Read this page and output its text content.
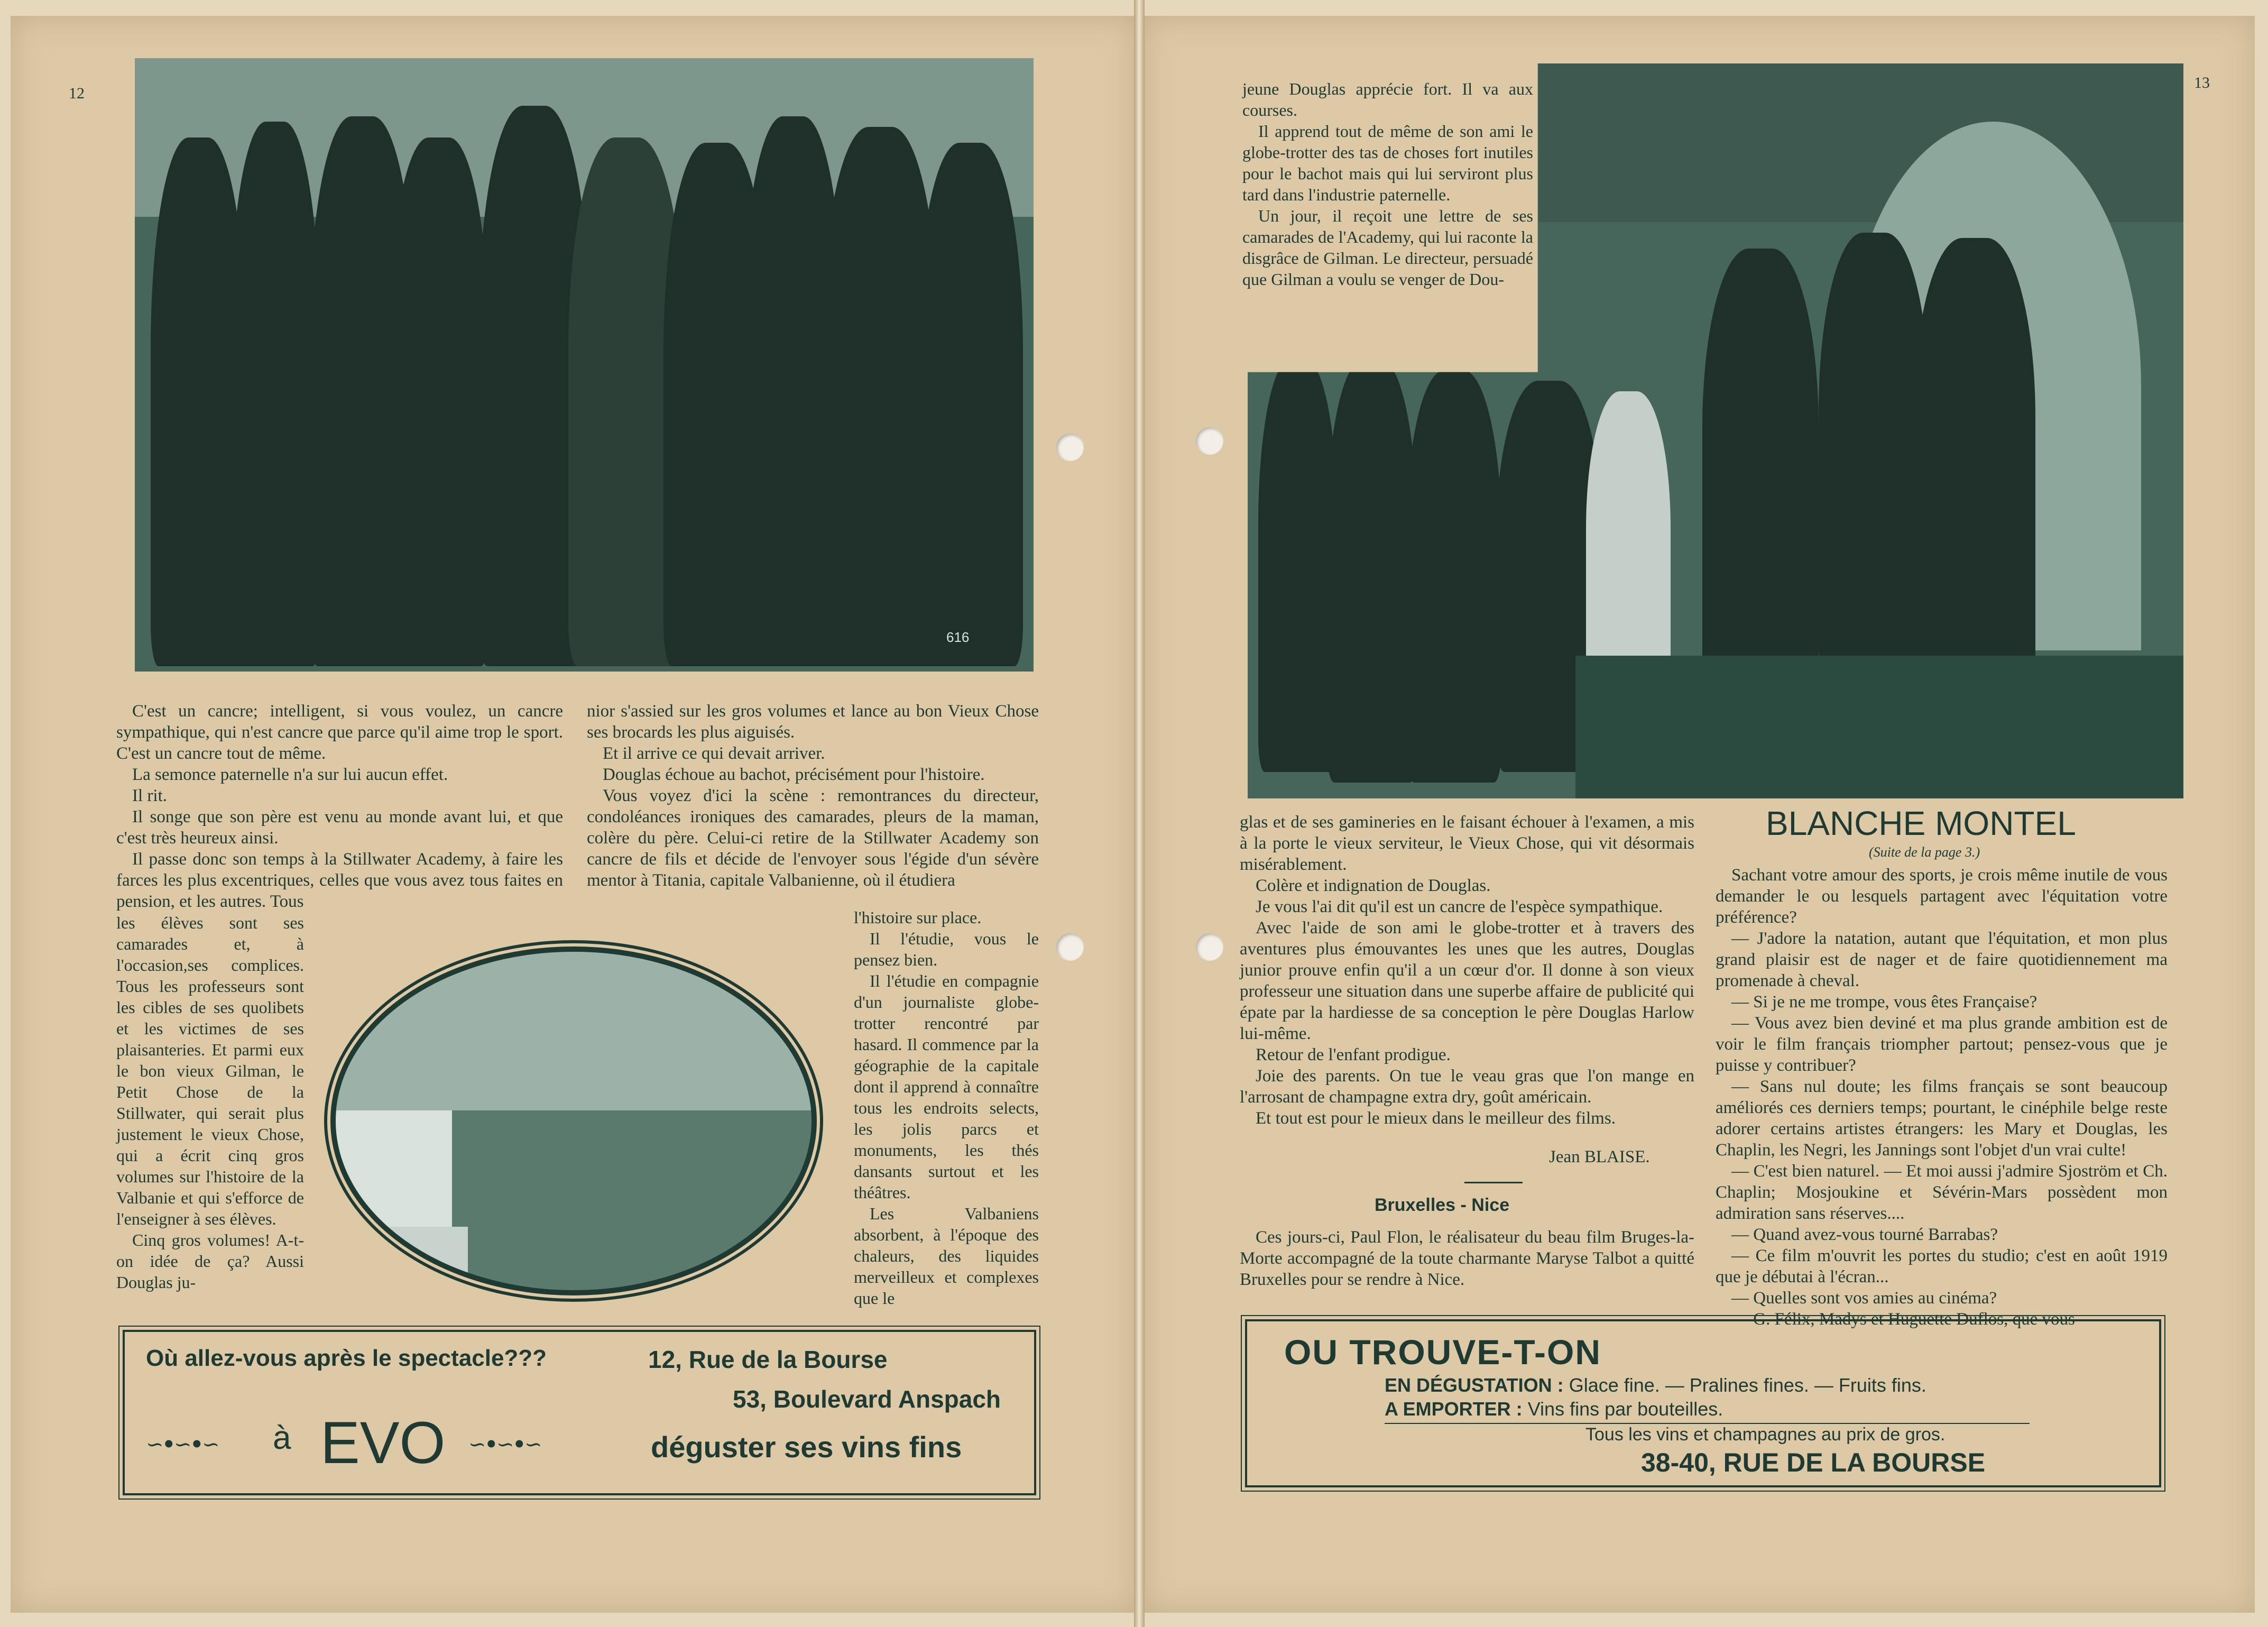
12
13
616

C'est un cancre; intelligent, si vous voulez, un cancre sympathique, qui n'est cancre que parce qu'il aime trop le sport. C'est un cancre tout de même.

La semonce paternelle n'a sur lui aucun effet.

Il rit.

Il songe que son père est venu au monde avant lui, et que c'est très heureux ainsi.

Il passe donc son temps à la Stillwater Academy, à faire les farces les plus excentriques, celles que vous avez tous faites en pension, et les autres. Tous

les élèves sont ses camarades et, à l'occasion,ses complices. Tous les professeurs sont les cibles de ses quolibets et les victimes de ses plaisanteries. Et parmi eux le bon vieux Gilman, le Petit Chose de la Stillwater, qui serait plus justement le vieux Chose, qui a écrit cinq gros volumes sur l'histoire de la Valbanie et qui s'efforce de l'enseigner à ses élèves.

Cinq gros volumes! A-t-on idée de ça? Aussi Douglas ju-

nior s'assied sur les gros volumes et lance au bon Vieux Chose ses brocards les plus aiguisés.

Et il arrive ce qui devait arriver.

Douglas échoue au bachot, précisément pour l'histoire.

Vous voyez d'ici la scène : remontrances du directeur, condoléances ironiques des camarades, pleurs de la maman, colère du père. Celui-ci retire de la Stillwater Academy son cancre de fils et décide de l'envoyer sous l'égide d'un sévère mentor à Titania, capitale Valbanienne, où il étudiera

l'histoire sur place.

Il l'étudie, vous le pensez bien.

Il l'étudie en compagnie d'un journaliste globe-trotter rencontré par hasard. Il commence par la géographie de la capitale dont il apprend à connaître tous les endroits selects, les jolis parcs et monuments, les thés dansants surtout et les théâtres.

Les Valbaniens absorbent, à l'époque des chaleurs, des liquides merveilleux et complexes que le

Où allez-vous après le spectacle???	12, Rue de la Bourse
53, Boulevard Anspach
∽ꔷ∽ꔷ∽ à EVO ∽ꔷ∽ꔷ∽	déguster ses vins fins

jeune Douglas apprécie fort. Il va aux courses.

Il apprend tout de même de son ami le globe-trotter des tas de choses fort inutiles pour le bachot mais qui lui serviront plus tard dans l'industrie paternelle.

Un jour, il reçoit une lettre de ses camarades de l'Academy, qui lui raconte la disgrâce de Gilman. Le directeur, persuadé que Gilman a voulu se venger de Dou-

glas et de ses gamineries en le faisant échouer à l'examen, a mis à la porte le vieux serviteur, le Vieux Chose, qui vit désormais misérablement.

Colère et indignation de Douglas.

Je vous l'ai dit qu'il est un cancre de l'espèce sympathique.

Avec l'aide de son ami le globe-trotter et à travers des aventures plus émouvantes les unes que les autres, Douglas junior prouve enfin qu'il a un cœur d'or. Il donne à son vieux professeur une situation dans une superbe affaire de publicité qui épate par la hardiesse de sa conception le père Douglas Harlow lui-même.

Retour de l'enfant prodigue.

Joie des parents. On tue le veau gras que l'on mange en l'arrosant de champagne extra dry, goût américain.

Et tout est pour le mieux dans le meilleur des films.

Jean BLAISE.
Bruxelles - Nice

Ces jours-ci, Paul Flon, le réalisateur du beau film Bruges-la-Morte accompagné de la toute charmante Maryse Talbot a quitté Bruxelles pour se rendre à Nice.

BLANCHE MONTEL
(Suite de la page 3.)

Sachant votre amour des sports, je crois même inutile de vous demander le ou lesquels partagent avec l'équitation votre préférence?

— J'adore la natation, autant que l'équitation, et mon plus grand plaisir est de nager et de faire quotidiennement ma promenade à cheval.

— Si je ne me trompe, vous êtes Française?

— Vous avez bien deviné et ma plus grande ambition est de voir le film français triompher partout; pensez-vous que je puisse y contribuer?

— Sans nul doute; les films français se sont beaucoup améliorés ces derniers temps; pourtant, le cinéphile belge reste adorer certains artistes étrangers: les Mary et Douglas, les Chaplin, les Negri, les Jannings sont l'objet d'un vrai culte!

— C'est bien naturel. — Et moi aussi j'admire Sjoström et Ch. Chaplin; Mosjoukine et Sévérin-Mars possèdent mon admiration sans réserves....

— Quand avez-vous tourné Barrabas?

— Ce film m'ouvrit les portes du studio; c'est en août 1919 que je débutai à l'écran...

— Quelles sont vos amies au cinéma?

— G. Félix, Madys et Huguette Duflos, que vous

OU TROUVE-T-ON
EN DÉGUSTATION : Glace fine. — Pralines fines. — Fruits fins.
A EMPORTER : Vins fins par bouteilles.
Tous les vins et champagnes au prix de gros.
38-40, RUE DE LA BOURSE
